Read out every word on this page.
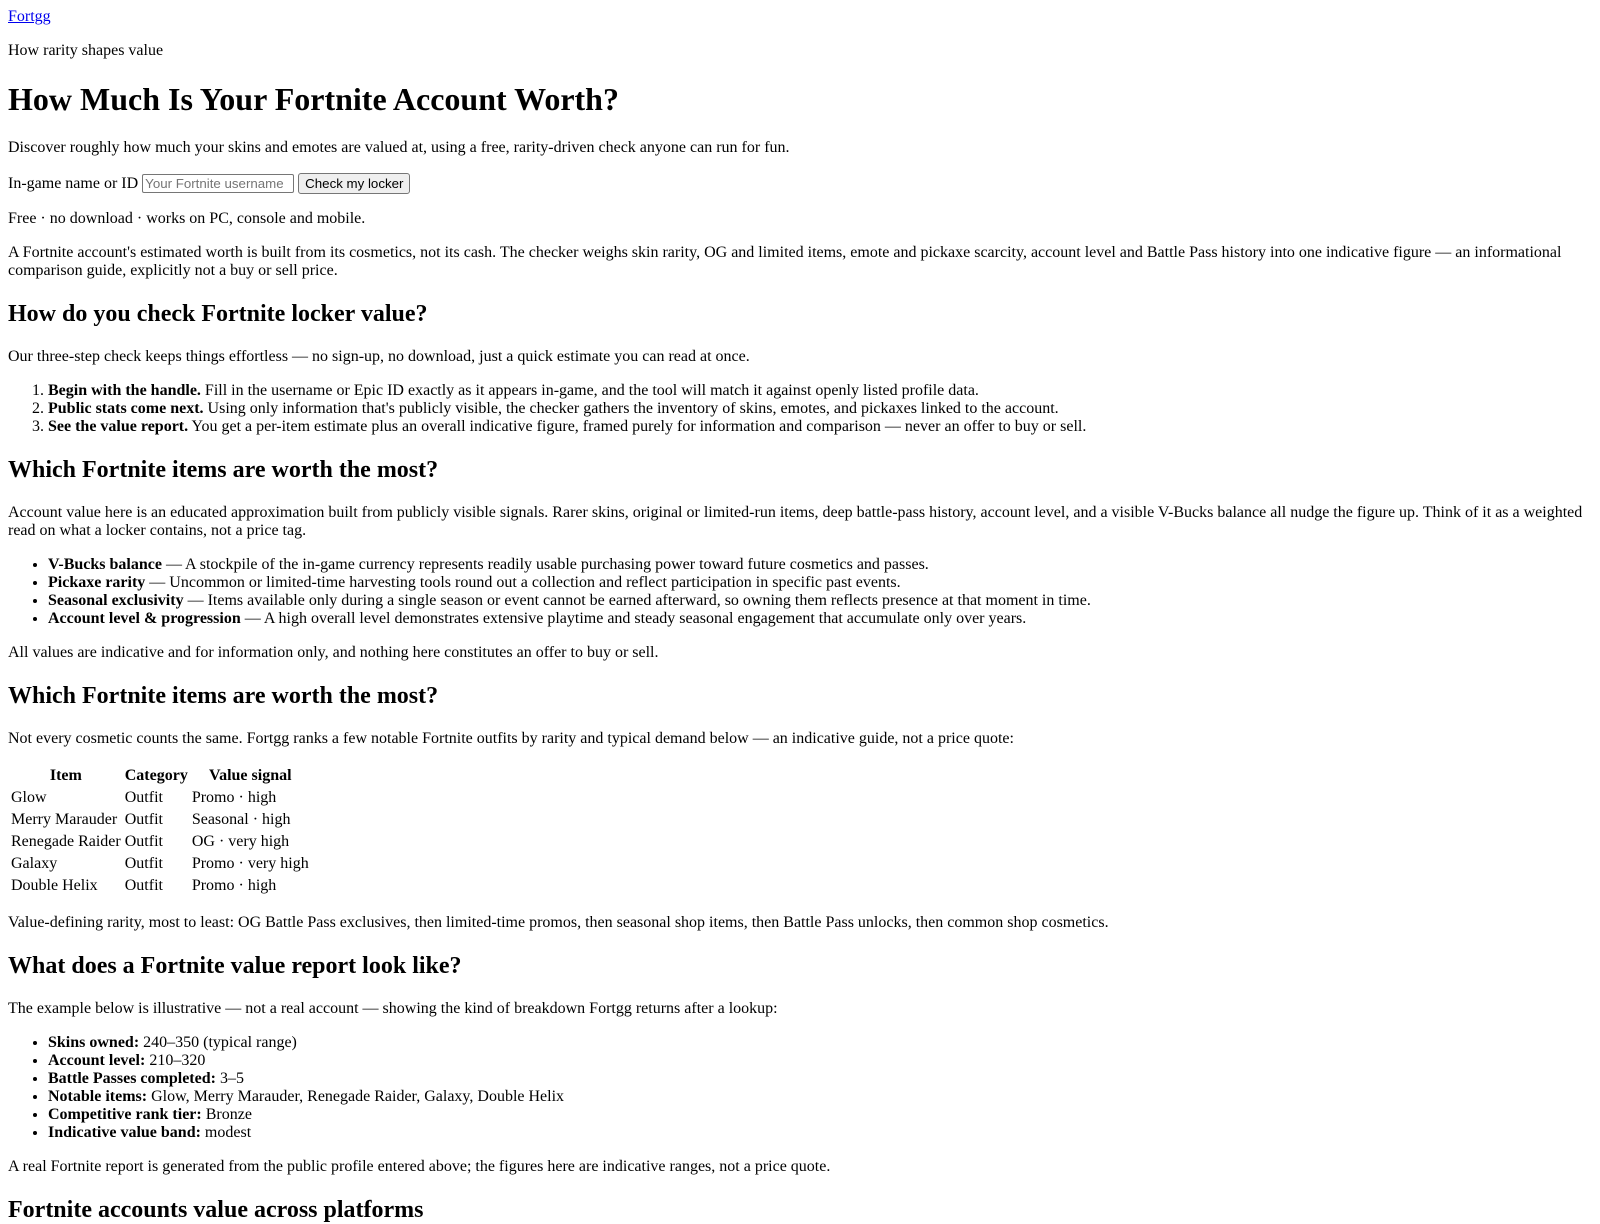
Fortgg

How rarity shapes value

How Much Is Your Fortnite Account Worth?

Discover roughly how much your skins and emotes are valued at, using a free, rarity-driven check anyone can run for fun.

In-game name or ID Your Fortnite username	Check my locker

Free · no download · works on PC, console and mobile.

A Fortnite account's estimated worth is built from its cosmetics, not its cash. The checker weighs skin rarity, OG and limited items, emote and pickaxe scarcity, account level and Battle Pass history into one indicative figure — an informational comparison guide, explicitly not a buy or sell price.

How do you check Fortnite locker value?

Our three-step check keeps things effortless — no sign-up, no download, just a quick estimate you can read at once.

1. Begin with the handle. Fill in the username or Epic ID exactly as it appears in-game, and the tool will match it against openly listed profile data.
2. Public stats come next. Using only information that's publicly visible, the checker gathers the inventory of skins, emotes, and pickaxes linked to the account.
3. See the value report. You get a per-item estimate plus an overall indicative figure, framed purely for information and comparison — never an offer to buy or sell.
Which Fortnite items are worth the most?

Account value here is an educated approximation built from publicly visible signals. Rarer skins, original or limited-run items, deep battle-pass history, account level, and a visible V-Bucks balance all nudge the figure up. Think of it as a weighted read on what a locker contains, not a price tag.

• V-Bucks balance — A stockpile of the in-game currency represents readily usable purchasing power toward future cosmetics and passes.
• Pickaxe rarity — Uncommon or limited-time harvesting tools round out a collection and reflect participation in specific past events.
• Seasonal exclusivity — Items available only during a single season or event cannot be earned afterward, so owning them reflects presence at that moment in time.
• Account level & progression — A high overall level demonstrates extensive playtime and steady seasonal engagement that accumulate only over years.

All values are indicative and for information only, and nothing here constitutes an offer to buy or sell.

Which Fortnite items are worth the most?

Not every cosmetic counts the same. Fortgg ranks a few notable Fortnite outfits by rarity and typical demand below — an indicative guide, not a price quote:

Item	Category	Value signal
Glow	Outfit	Promo · high
Merry Marauder	Outfit	Seasonal · high
Renegade Raider	Outfit	OG · very high
Galaxy	Outfit	Promo · very high
Double Helix	Outfit	Promo · high

Value-defining rarity, most to least: OG Battle Pass exclusives, then limited-time promos, then seasonal shop items, then Battle Pass unlocks, then common shop cosmetics.

What does a Fortnite value report look like?

The example below is illustrative — not a real account — showing the kind of breakdown Fortgg returns after a lookup:

• Skins owned: 240–350 (typical range)
• Account level: 210–320
• Battle Passes completed: 3–5
• Notable items: Glow, Merry Marauder, Renegade Raider, Galaxy, Double Helix
• Competitive rank tier: Bronze
• Indicative value band: modest

A real Fortnite report is generated from the public profile entered above; the figures here are indicative ranges, not a price quote.

Fortnite accounts value across platforms
